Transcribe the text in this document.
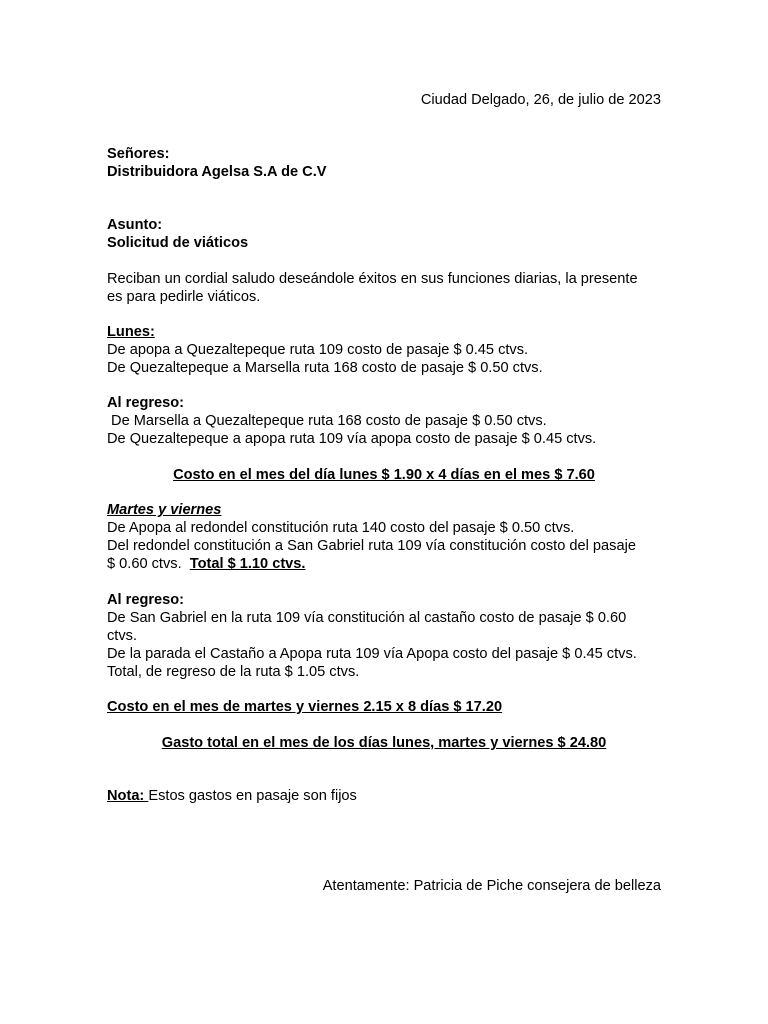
Ciudad Delgado, 26, de julio de 2023
Señores:
Distribuidora Agelsa S.A de C.V
Asunto:
Solicitud de viáticos
Reciban un cordial saludo deseándole éxitos en sus funciones diarias, la presente
es para pedirle viáticos.
Lunes:
De apopa a Quezaltepeque ruta 109 costo de pasaje $ 0.45 ctvs.
De Quezaltepeque a Marsella ruta 168 costo de pasaje $ 0.50 ctvs.
Al regreso:
De Marsella a Quezaltepeque ruta 168 costo de pasaje $ 0.50 ctvs.
De Quezaltepeque a apopa ruta 109 vía apopa costo de pasaje $ 0.45 ctvs.
Costo en el mes del día lunes $ 1.90 x 4 días en el mes $ 7.60
Martes y viernes
De Apopa al redondel constitución ruta 140 costo del pasaje $ 0.50 ctvs.
Del redondel constitución a San Gabriel ruta 109 vía constitución costo del pasaje
$ 0.60 ctvs.  Total $ 1.10 ctvs.
Al regreso:
De San Gabriel en la ruta 109 vía constitución al castaño costo de pasaje $ 0.60
ctvs.
De la parada el Castaño a Apopa ruta 109 vía Apopa costo del pasaje $ 0.45 ctvs.
Total, de regreso de la ruta $ 1.05 ctvs.
Costo en el mes de martes y viernes 2.15 x 8 días $ 17.20
Gasto total en el mes de los días lunes, martes y viernes $ 24.80
Nota: Estos gastos en pasaje son fijos
Atentamente: Patricia de Piche consejera de belleza
